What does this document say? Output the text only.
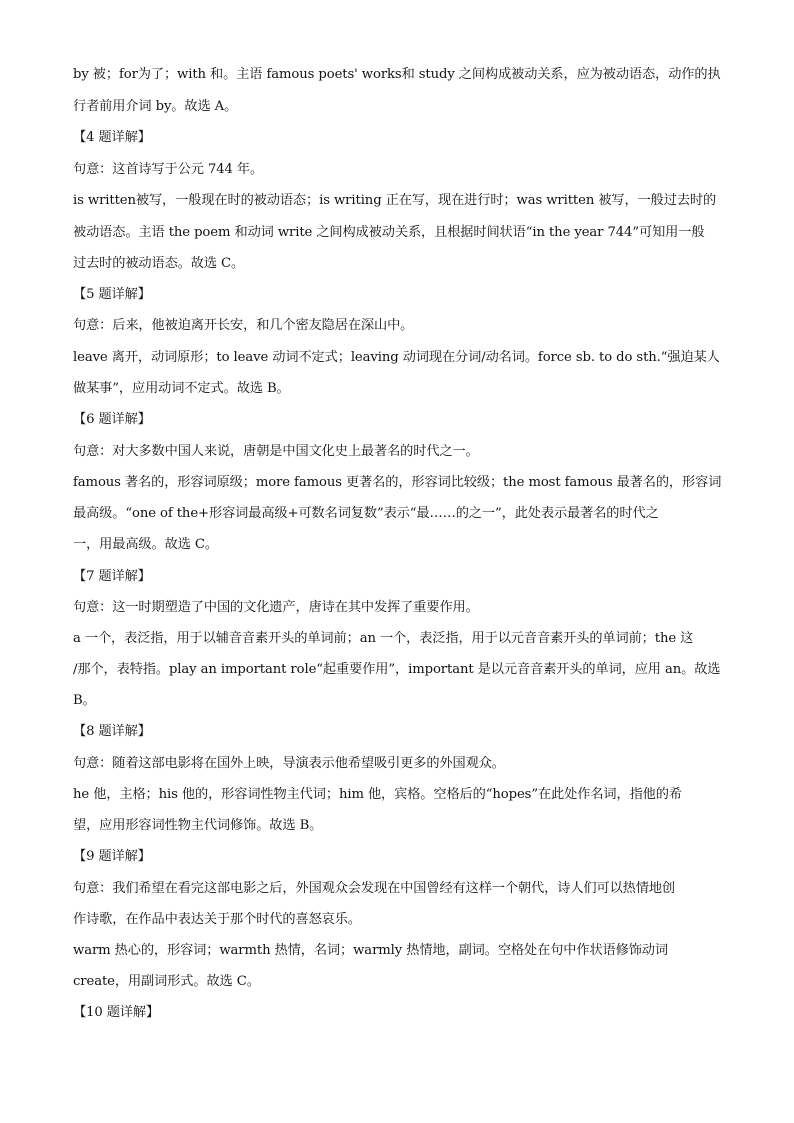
by 被；for为了；with 和。主语 famous poets' works和 study 之间构成被动关系，应为被动语态，动作的执
行者前用介词 by。故选 A。
【4 题详解】
句意：这首诗写于公元 744 年。
is written被写，一般现在时的被动语态；is writing 正在写，现在进行时；was written 被写，一般过去时的
被动语态。主语 the poem 和动词 write 之间构成被动关系，且根据时间状语“in the year 744”可知用一般
过去时的被动语态。故选 C。
【5 题详解】
句意：后来，他被迫离开长安，和几个密友隐居在深山中。
leave 离开，动词原形；to leave 动词不定式；leaving 动词现在分词/动名词。force sb. to do sth.“强迫某人
做某事”，应用动词不定式。故选 B。
【6 题详解】
句意：对大多数中国人来说，唐朝是中国文化史上最著名的时代之一。
famous 著名的，形容词原级；more famous 更著名的，形容词比较级；the most famous 最著名的，形容词
最高级。“one of the+形容词最高级+可数名词复数”表示“最……的之一”，此处表示最著名的时代之
一，用最高级。故选 C。
【7 题详解】
句意：这一时期塑造了中国的文化遗产，唐诗在其中发挥了重要作用。
a 一个，表泛指，用于以辅音音素开头的单词前；an 一个，表泛指，用于以元音音素开头的单词前；the 这
/那个，表特指。play an important role“起重要作用”，important 是以元音音素开头的单词，应用 an。故选
B。
【8 题详解】
句意：随着这部电影将在国外上映，导演表示他希望吸引更多的外国观众。
he 他，主格；his 他的，形容词性物主代词；him 他，宾格。空格后的“hopes”在此处作名词，指他的希
望，应用形容词性物主代词修饰。故选 B。
【9 题详解】
句意：我们希望在看完这部电影之后，外国观众会发现在中国曾经有这样一个朝代，诗人们可以热情地创
作诗歌，在作品中表达关于那个时代的喜怒哀乐。
warm 热心的，形容词；warmth 热情，名词；warmly 热情地，副词。空格处在句中作状语修饰动词
create，用副词形式。故选 C。
【10 题详解】
